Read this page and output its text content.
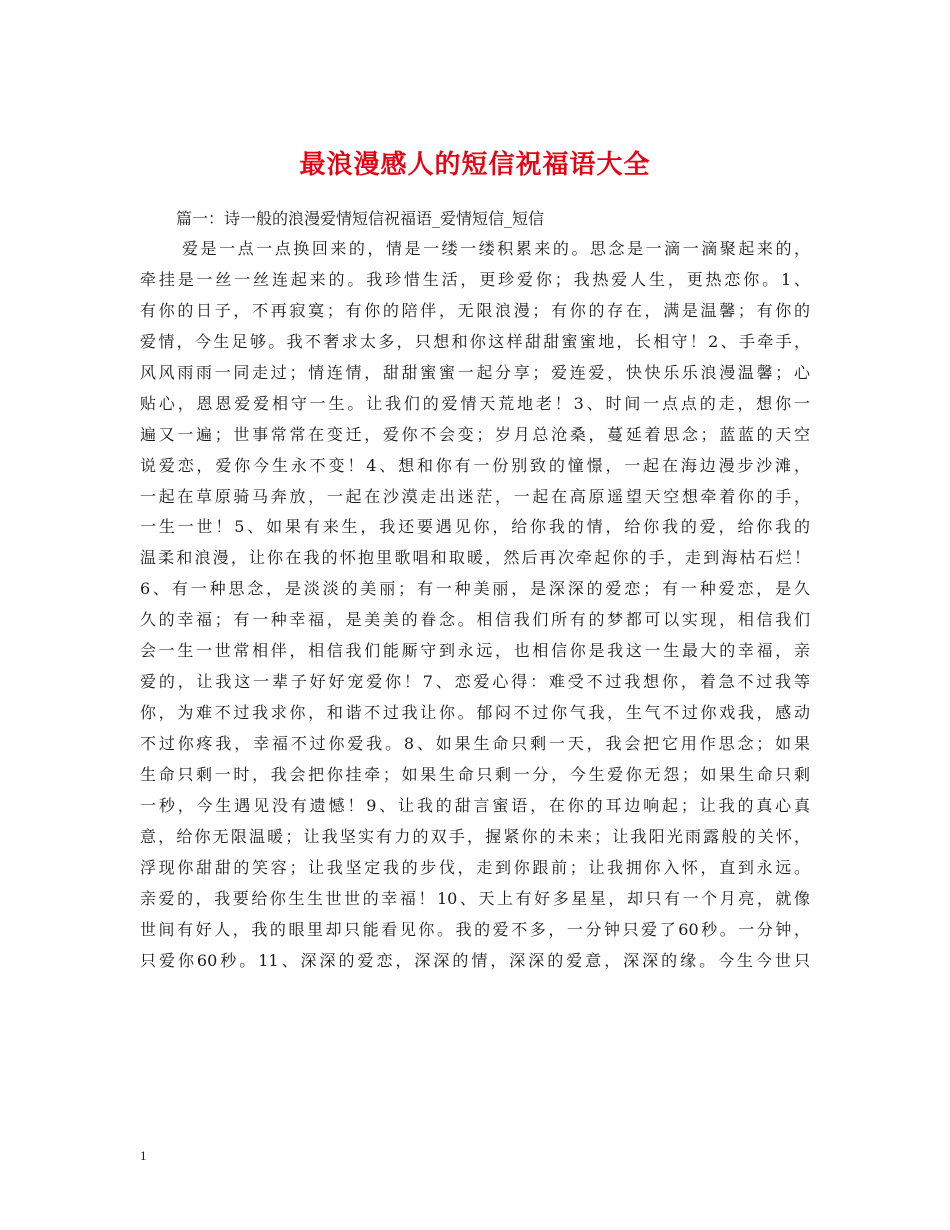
最浪漫感人的短信祝福语大全
篇一：诗一般的浪漫爱情短信祝福语_爱情短信_短信
爱是一点一点换回来的，情是一缕一缕积累来的。思念是一滴一滴聚起来的，
牵挂是一丝一丝连起来的。我珍惜生活，更珍爱你；我热爱人生，更热恋你。1、
有你的日子，不再寂寞；有你的陪伴，无限浪漫；有你的存在，满是温馨；有你的
爱情，今生足够。我不奢求太多，只想和你这样甜甜蜜蜜地，长相守！2、手牵手，
风风雨雨一同走过；情连情，甜甜蜜蜜一起分享；爱连爱，快快乐乐浪漫温馨；心
贴心，恩恩爱爱相守一生。让我们的爱情天荒地老！3、时间一点点的走，想你一
遍又一遍；世事常常在变迁，爱你不会变；岁月总沧桑，蔓延着思念；蓝蓝的天空
说爱恋，爱你今生永不变！4、想和你有一份别致的憧憬，一起在海边漫步沙滩，
一起在草原骑马奔放，一起在沙漠走出迷茫，一起在高原遥望天空想牵着你的手，
一生一世！5、如果有来生，我还要遇见你，给你我的情，给你我的爱，给你我的
温柔和浪漫，让你在我的怀抱里歌唱和取暖，然后再次牵起你的手，走到海枯石烂！
6、有一种思念，是淡淡的美丽；有一种美丽，是深深的爱恋；有一种爱恋，是久
久的幸福；有一种幸福，是美美的眷念。相信我们所有的梦都可以实现，相信我们
会一生一世常相伴，相信我们能厮守到永远，也相信你是我这一生最大的幸福，亲
爱的，让我这一辈子好好宠爱你！7、恋爱心得：难受不过我想你，着急不过我等
你，为难不过我求你，和谐不过我让你。郁闷不过你气我，生气不过你戏我，感动
不过你疼我，幸福不过你爱我。8、如果生命只剩一天，我会把它用作思念；如果
生命只剩一时，我会把你挂牵；如果生命只剩一分，今生爱你无怨；如果生命只剩
一秒，今生遇见没有遗憾！9、让我的甜言蜜语，在你的耳边响起；让我的真心真
意，给你无限温暖；让我坚实有力的双手，握紧你的未来；让我阳光雨露般的关怀，
浮现你甜甜的笑容；让我坚定我的步伐，走到你跟前；让我拥你入怀，直到永远。
亲爱的，我要给你生生世世的幸福！10、天上有好多星星，却只有一个月亮，就像
世间有好人，我的眼里却只能看见你。我的爱不多，一分钟只爱了60秒。一分钟，
只爱你60秒。11、深深的爱恋，深深的情，深深的爱意，深深的缘。今生今世只
1
